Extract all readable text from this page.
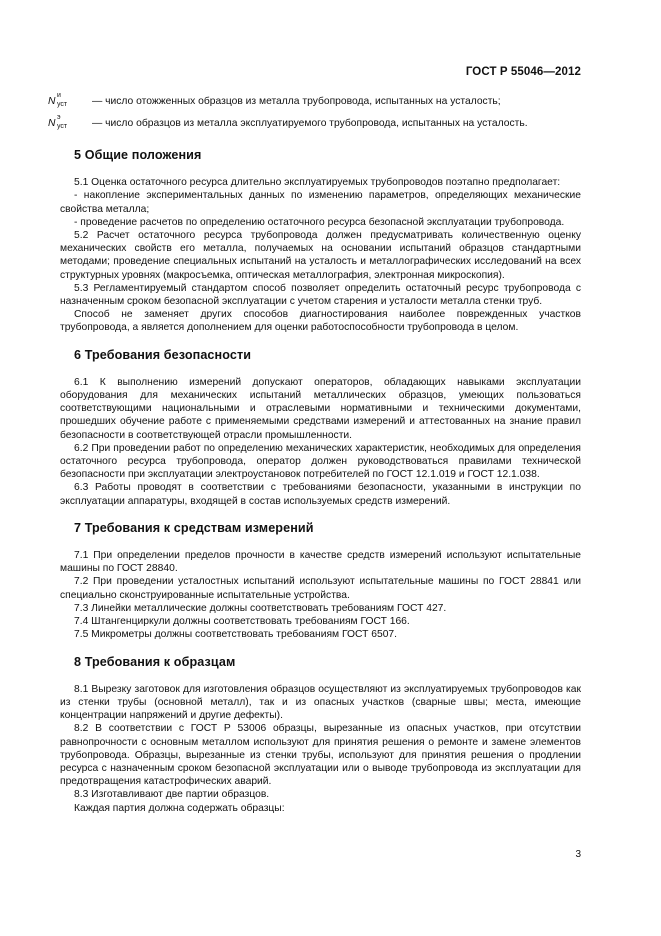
ГОСТ Р 55046—2012
N
и
уст — число отожженных образцов из металла трубопровода, испытанных на усталость;
N
э
уст — число образцов из металла эксплуатируемого трубопровода, испытанных на усталость.
5 Общие положения

5.1 Оценка остаточного ресурса длительно эксплуатируемых трубопроводов поэтапно предполагает:

- накопление экспериментальных данных по изменению параметров, определяющих механические свойства металла;

- проведение расчетов по определению остаточного ресурса безопасной эксплуатации трубопровода.

5.2 Расчет остаточного ресурса трубопровода должен предусматривать количественную оценку механических свойств его металла, получаемых на основании испытаний образцов стандартными методами; проведение специальных испытаний на усталость и металлографических исследований на всех структурных уровнях (макросъемка, оптическая металлография, электронная микроскопия).

5.3 Регламентируемый стандартом способ позволяет определить остаточный ресурс трубопровода с назначенным сроком безопасной эксплуатации с учетом старения и усталости металла стенки труб.

Способ не заменяет других способов диагностирования наиболее поврежденных участков трубопровода, а является дополнением для оценки работоспособности трубопровода в целом.

6 Требования безопасности

6.1 К выполнению измерений допускают операторов, обладающих навыками эксплуатации оборудования для механических испытаний металлических образцов, умеющих пользоваться соответствующими национальными и отраслевыми нормативными и техническими документами, прошедших обучение работе с применяемыми средствами измерений и аттестованных на знание правил безопасности в соответствующей отрасли промышленности.

6.2 При проведении работ по определению механических характеристик, необходимых для определения остаточного ресурса трубопровода, оператор должен руководствоваться правилами технической безопасности при эксплуатации электроустановок потребителей по ГОСТ 12.1.019 и ГОСТ 12.1.038.

6.3 Работы проводят в соответствии с требованиями безопасности, указанными в инструкции по эксплуатации аппаратуры, входящей в состав используемых средств измерений.

7 Требования к средствам измерений

7.1 При определении пределов прочности в качестве средств измерений используют испытательные машины по ГОСТ 28840.

7.2 При проведении усталостных испытаний используют испытательные машины по ГОСТ 28841 или специально сконструированные испытательные устройства.

7.3 Линейки металлические должны соответствовать требованиям ГОСТ 427.

7.4 Штангенциркули должны соответствовать требованиям ГОСТ 166.

7.5 Микрометры должны соответствовать требованиям ГОСТ 6507.

8 Требования к образцам

8.1 Вырезку заготовок для изготовления образцов осуществляют из эксплуатируемых трубопроводов как из стенки трубы (основной металл), так и из опасных участков (сварные швы; места, имеющие концентрации напряжений и другие дефекты).

8.2 В соответствии с ГОСТ Р 53006 образцы, вырезанные из опасных участков, при отсутствии равнопрочности с основным металлом используют для принятия решения о ремонте и замене элементов трубопровода. Образцы, вырезанные из стенки трубы, используют для принятия решения о продлении ресурса с назначенным сроком безопасной эксплуатации или о выводе трубопровода из эксплуатации для предотвращения катастрофических аварий.

8.3 Изготавливают две партии образцов.

Каждая партия должна содержать образцы:

3
